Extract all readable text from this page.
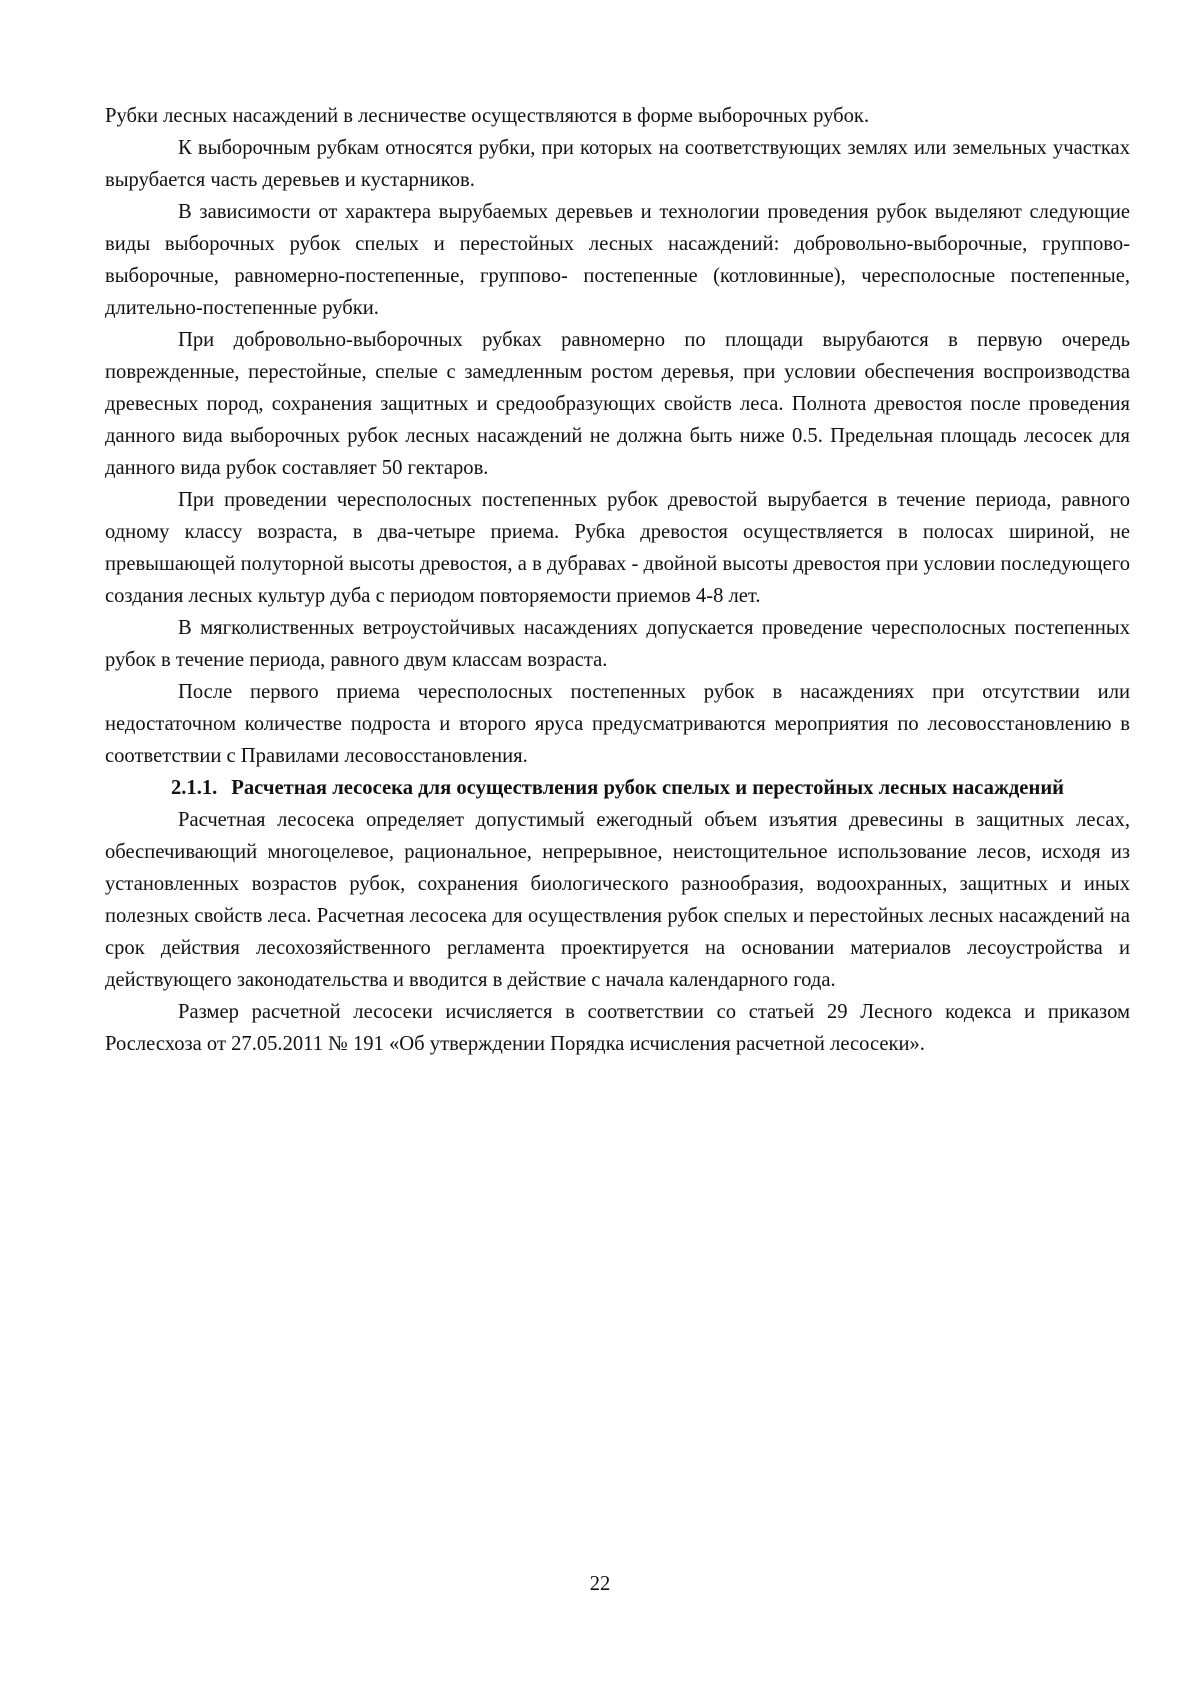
Рубки лесных насаждений в лесничестве осуществляются в форме выборочных рубок.

К выборочным рубкам относятся рубки, при которых на соответствующих землях или земельных участках вырубается часть деревьев и кустарников.

В зависимости от характера вырубаемых деревьев и технологии проведения рубок выделяют следующие виды выборочных рубок спелых и перестойных лесных насаждений: добровольно-выборочные, группово-выборочные, равномерно-постепенные, группово- постепенные (котловинные), чересполосные постепенные, длительно-постепенные рубки.

При добровольно-выборочных рубках равномерно по площади вырубаются в первую очередь поврежденные, перестойные, спелые с замедленным ростом деревья, при условии обеспечения воспроизводства древесных пород, сохранения защитных и средообразующих свойств леса. Полнота древостоя после проведения данного вида выборочных рубок лесных насаждений не должна быть ниже 0.5. Предельная площадь лесосек для данного вида рубок составляет 50 гектаров.

При проведении чересполосных постепенных рубок древостой вырубается в течение периода, равного одному классу возраста, в два-четыре приема. Рубка древостоя осуществляется в полосах шириной, не превышающей полуторной высоты древостоя, а в дубравах - двойной высоты древостоя при условии последующего создания лесных культур дуба с периодом повторяемости приемов 4-8 лет.

В мягколиственных ветроустойчивых насаждениях допускается проведение чересполосных постепенных рубок в течение периода, равного двум классам возраста.

После первого приема чересполосных постепенных рубок в насаждениях при отсутствии или недостаточном количестве подроста и второго яруса предусматриваются мероприятия по лесовосстановлению в соответствии с Правилами лесовосстановления.

2.1.1. Расчетная лесосека для осуществления рубок спелых и перестойных лесных насаждений

Расчетная лесосека определяет допустимый ежегодный объем изъятия древесины в защитных лесах, обеспечивающий многоцелевое, рациональное, непрерывное, неистощительное использование лесов, исходя из установленных возрастов рубок, сохранения биологического разнообразия, водоохранных, защитных и иных полезных свойств леса. Расчетная лесосека для осуществления рубок спелых и перестойных лесных насаждений на срок действия лесохозяйственного регламента проектируется на основании материалов лесоустройства и действующего законодательства и вводится в действие с начала календарного года.

Размер расчетной лесосеки исчисляется в соответствии со статьей 29 Лесного кодекса и приказом Рослесхоза от 27.05.2011 № 191 «Об утверждении Порядка исчисления расчетной лесосеки».

22
